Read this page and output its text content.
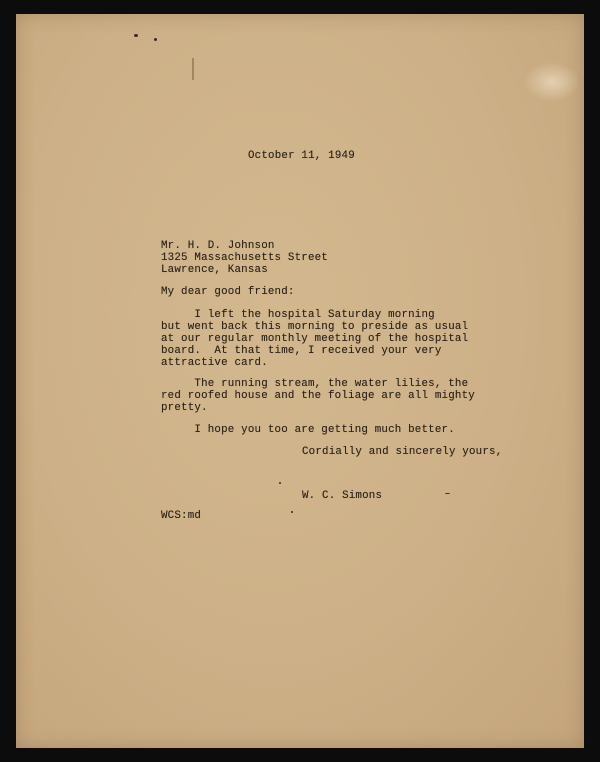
October 11, 1949
Mr. H. D. Johnson
1325 Massachusetts Street
Lawrence, Kansas
My dear good friend:
I left the hospital Saturday morning
but went back this morning to preside as usual
at our regular monthly meeting of the hospital
board.  At that time, I received your very
attractive card.
The running stream, the water lilies, the
red roofed house and the foliage are all mighty
pretty.
I hope you too are getting much better.
Cordially and sincerely yours,
W. C. Simons
WCS:md
